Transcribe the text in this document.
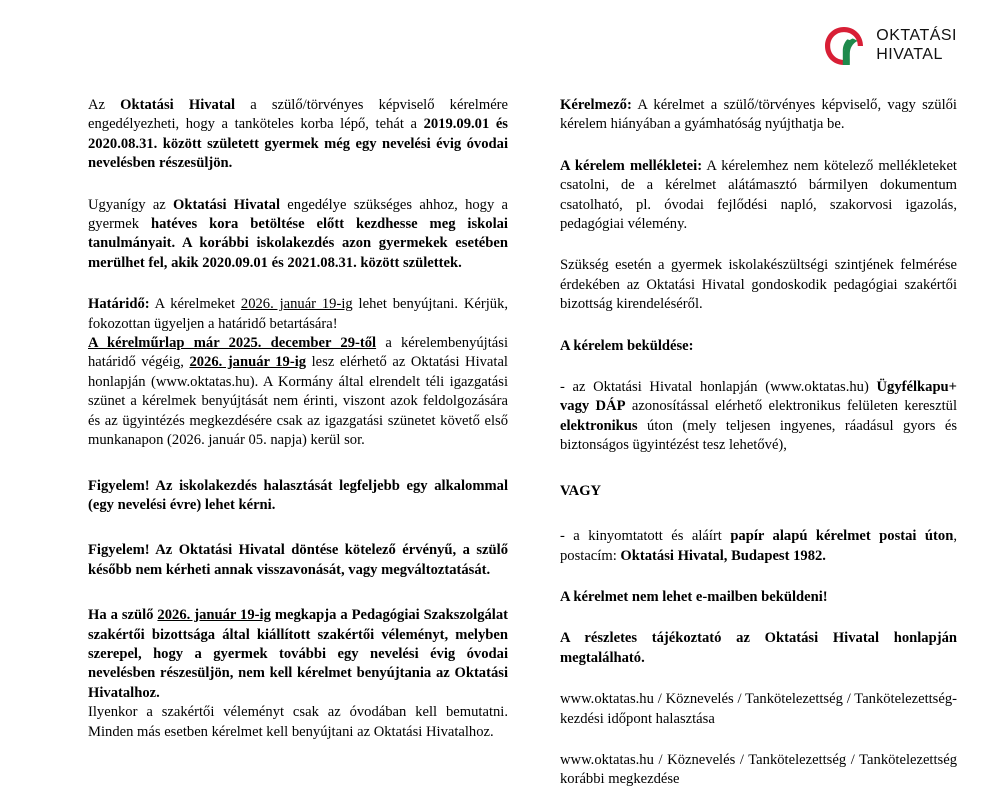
OKTATÁSI
HIVATAL

Az Oktatási Hivatal a szülő/törvényes képviselő kérelmére engedélyezheti, hogy a tanköteles korba lépő, tehát a 2019.09.01 és 2020.08.31. között született gyermek még egy nevelési évig óvodai nevelésben részesüljön.

Ugyanígy az Oktatási Hivatal engedélye szükséges ahhoz, hogy a gyermek hatéves kora betöltése előtt kezdhesse meg iskolai tanulmányait. A korábbi iskolakezdés azon gyermekek esetében merülhet fel, akik 2020.09.01 és 2021.08.31. között születtek.

Határidő: A kérelmeket 2026. január 19-ig lehet benyújtani. Kérjük, fokozottan ügyeljen a határidő betartására!

A kérelműrlap már 2025. december 29-től a kérelembenyújtási határidő végéig, 2026. január 19-ig lesz elérhető az Oktatási Hivatal honlapján (www.oktatas.hu). A Kormány által elrendelt téli igazgatási szünet a kérelmek benyújtását nem érinti, viszont azok feldolgozására és az ügyintézés megkezdésére csak az igazgatási szünetet követő első munkanapon (2026. január 05. napja) kerül sor.

Figyelem! Az iskolakezdés halasztását legfeljebb egy alkalommal (egy nevelési évre) lehet kérni.

Figyelem! Az Oktatási Hivatal döntése kötelező érvényű, a szülő később nem kérheti annak visszavonását, vagy megváltoztatását.

Ha a szülő 2026. január 19-ig megkapja a Pedagógiai Szakszolgálat szakértői bizottsága által kiállított szakértői véleményt, melyben szerepel, hogy a gyermek további egy nevelési évig óvodai nevelésben részesüljön, nem kell kérelmet benyújtania az Oktatási Hivatalhoz.

Ilyenkor a szakértői véleményt csak az óvodában kell bemutatni. Minden más esetben kérelmet kell benyújtani az Oktatási Hivatalhoz.

Kérelmező: A kérelmet a szülő/törvényes képviselő, vagy szülői kérelem hiányában a gyámhatóság nyújthatja be.

A kérelem mellékletei: A kérelemhez nem kötelező mellékleteket csatolni, de a kérelmet alátámasztó bármilyen dokumentum csatolható, pl. óvodai fejlődési napló, szakorvosi igazolás, pedagógiai vélemény.

Szükség esetén a gyermek iskolakészültségi szintjének felmérése érdekében az Oktatási Hivatal gondoskodik pedagógiai szakértői bizottság kirendeléséről.

A kérelem beküldése:

- az Oktatási Hivatal honlapján (www.oktatas.hu) Ügyfélkapu+ vagy DÁP azonosítással elérhető elektronikus felületen keresztül elektronikus úton (mely teljesen ingyenes, ráadásul gyors és biztonságos ügyintézést tesz lehetővé),

VAGY

- a kinyomtatott és aláírt papír alapú kérelmet postai úton, postacím: Oktatási Hivatal, Budapest 1982.

A kérelmet nem lehet e-mailben beküldeni!

A részletes tájékoztató az Oktatási Hivatal honlapján megtalálható.

www.oktatas.hu / Köznevelés / Tankötelezettség / Tankötelezettség-kezdési időpont halasztása

www.oktatas.hu / Köznevelés / Tankötelezettség / Tankötelezettség korábbi megkezdése
